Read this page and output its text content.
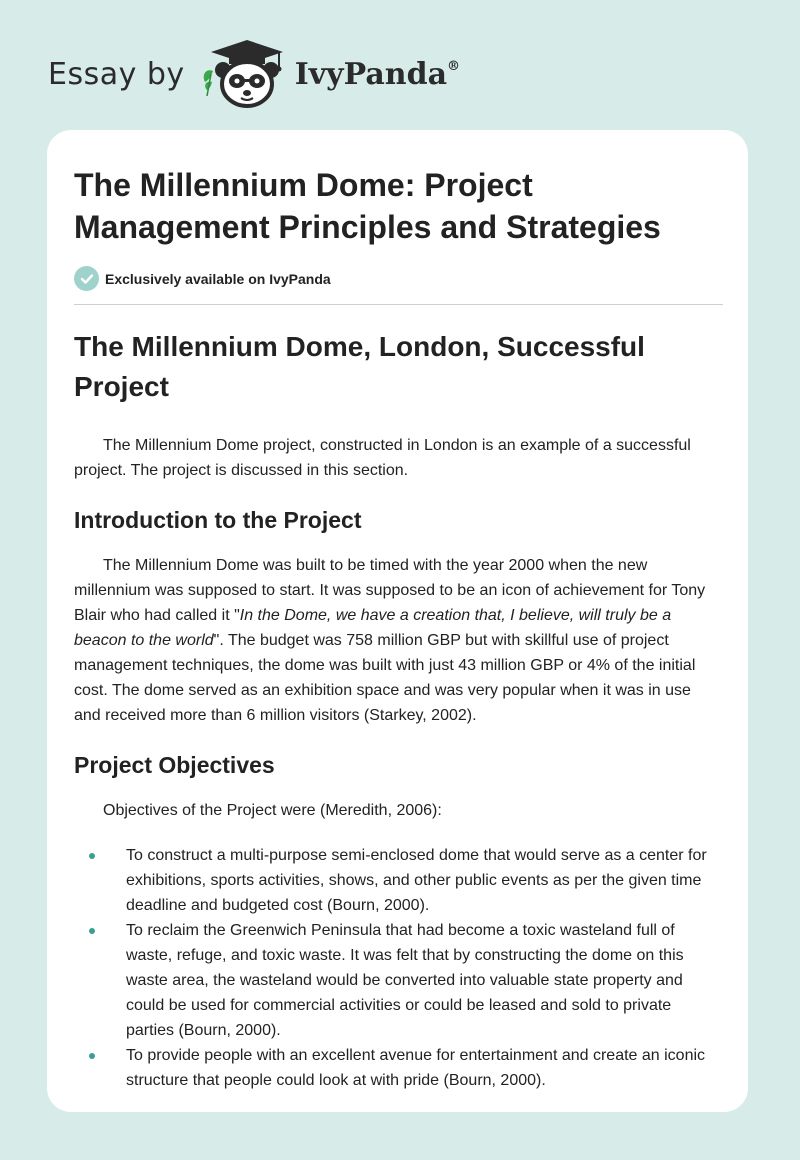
Essay by	IvyPanda®
The Millennium Dome: Project Management Principles and Strategies
Exclusively available on IvyPanda
The Millennium Dome, London, Successful Project

The Millennium Dome project, constructed in London is an example of a successful project. The project is discussed in this section.

Introduction to the Project

The Millennium Dome was built to be timed with the year 2000 when the new millennium was supposed to start. It was supposed to be an icon of achievement for Tony Blair who had called it "In the Dome, we have a creation that, I believe, will truly be a beacon to the world". The budget was 758 million GBP but with skillful use of project management techniques, the dome was built with just 43 million GBP or 4% of the initial cost. The dome served as an exhibition space and was very popular when it was in use and received more than 6 million visitors (Starkey, 2002).

Project Objectives

Objectives of the Project were (Meredith, 2006):

To construct a multi-purpose semi-enclosed dome that would serve as a center for exhibitions, sports activities, shows, and other public events as per the given time deadline and budgeted cost (Bourn, 2000).
To reclaim the Greenwich Peninsula that had become a toxic wasteland full of waste, refuge, and toxic waste. It was felt that by constructing the dome on this waste area, the wasteland would be converted into valuable state property and could be used for commercial activities or could be leased and sold to private parties (Bourn, 2000).
To provide people with an excellent avenue for entertainment and create an iconic structure that people could look at with pride (Bourn, 2000).
